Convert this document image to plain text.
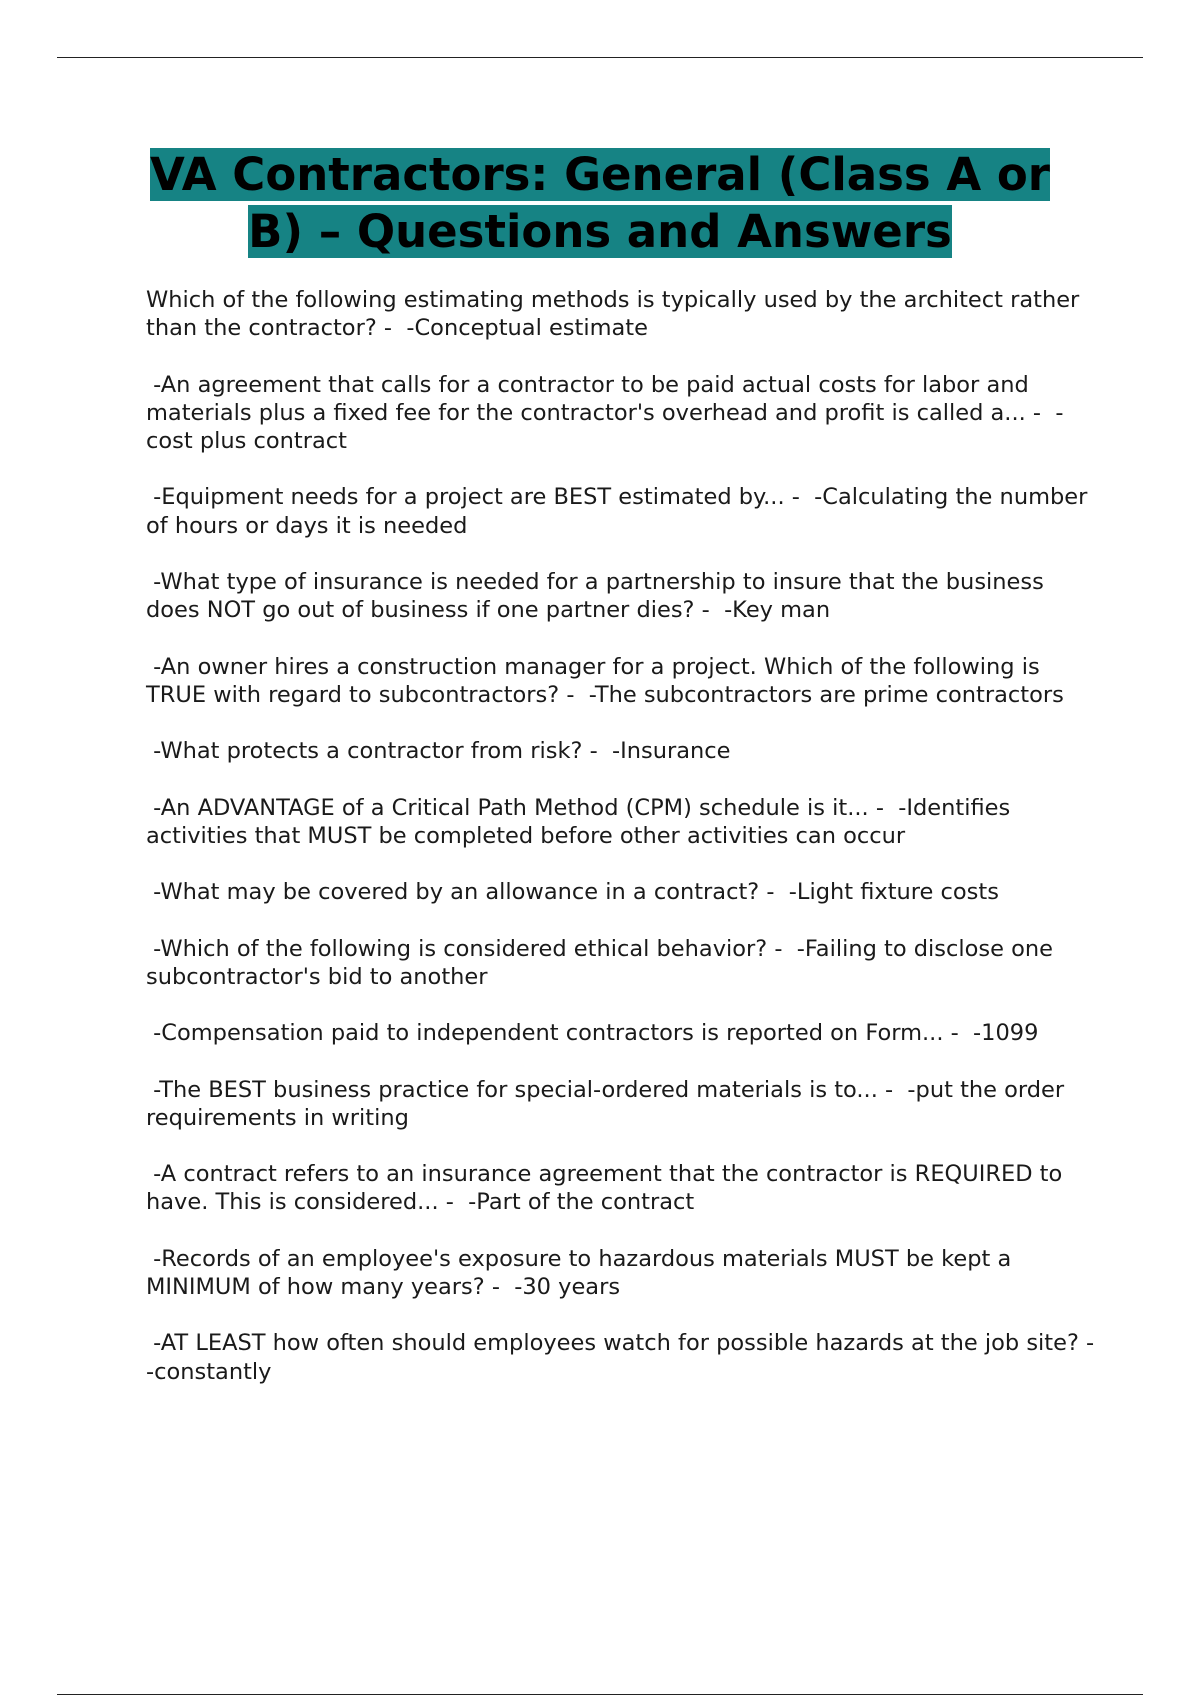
VA Contractors: General (Class A or B) – Questions and Answers

Which of the following estimating methods is typically used by the architect rather than the contractor? -  -Conceptual estimate

-An agreement that calls for a contractor to be paid actual costs for labor and materials plus a fixed fee for the contractor's overhead and profit is called a... -  -cost plus contract

-Equipment needs for a project are BEST estimated by... -  -Calculating the number of hours or days it is needed

-What type of insurance is needed for a partnership to insure that the business does NOT go out of business if one partner dies? -  -Key man

-An owner hires a construction manager for a project. Which of the following is TRUE with regard to subcontractors? -  -The subcontractors are prime contractors

-What protects a contractor from risk? -  -Insurance

-An ADVANTAGE of a Critical Path Method (CPM) schedule is it... -  -Identifies activities that MUST be completed before other activities can occur

-What may be covered by an allowance in a contract? -  -Light fixture costs

-Which of the following is considered ethical behavior? -  -Failing to disclose one subcontractor's bid to another

-Compensation paid to independent contractors is reported on Form... -  -1099

-The BEST business practice for special-ordered materials is to... -  -put the order requirements in writing

-A contract refers to an insurance agreement that the contractor is REQUIRED to have. This is considered... -  -Part of the contract

-Records of an employee's exposure to hazardous materials MUST be kept a MINIMUM of how many years? -  -30 years

-AT LEAST how often should employees watch for possible hazards at the job site? -  -constantly
